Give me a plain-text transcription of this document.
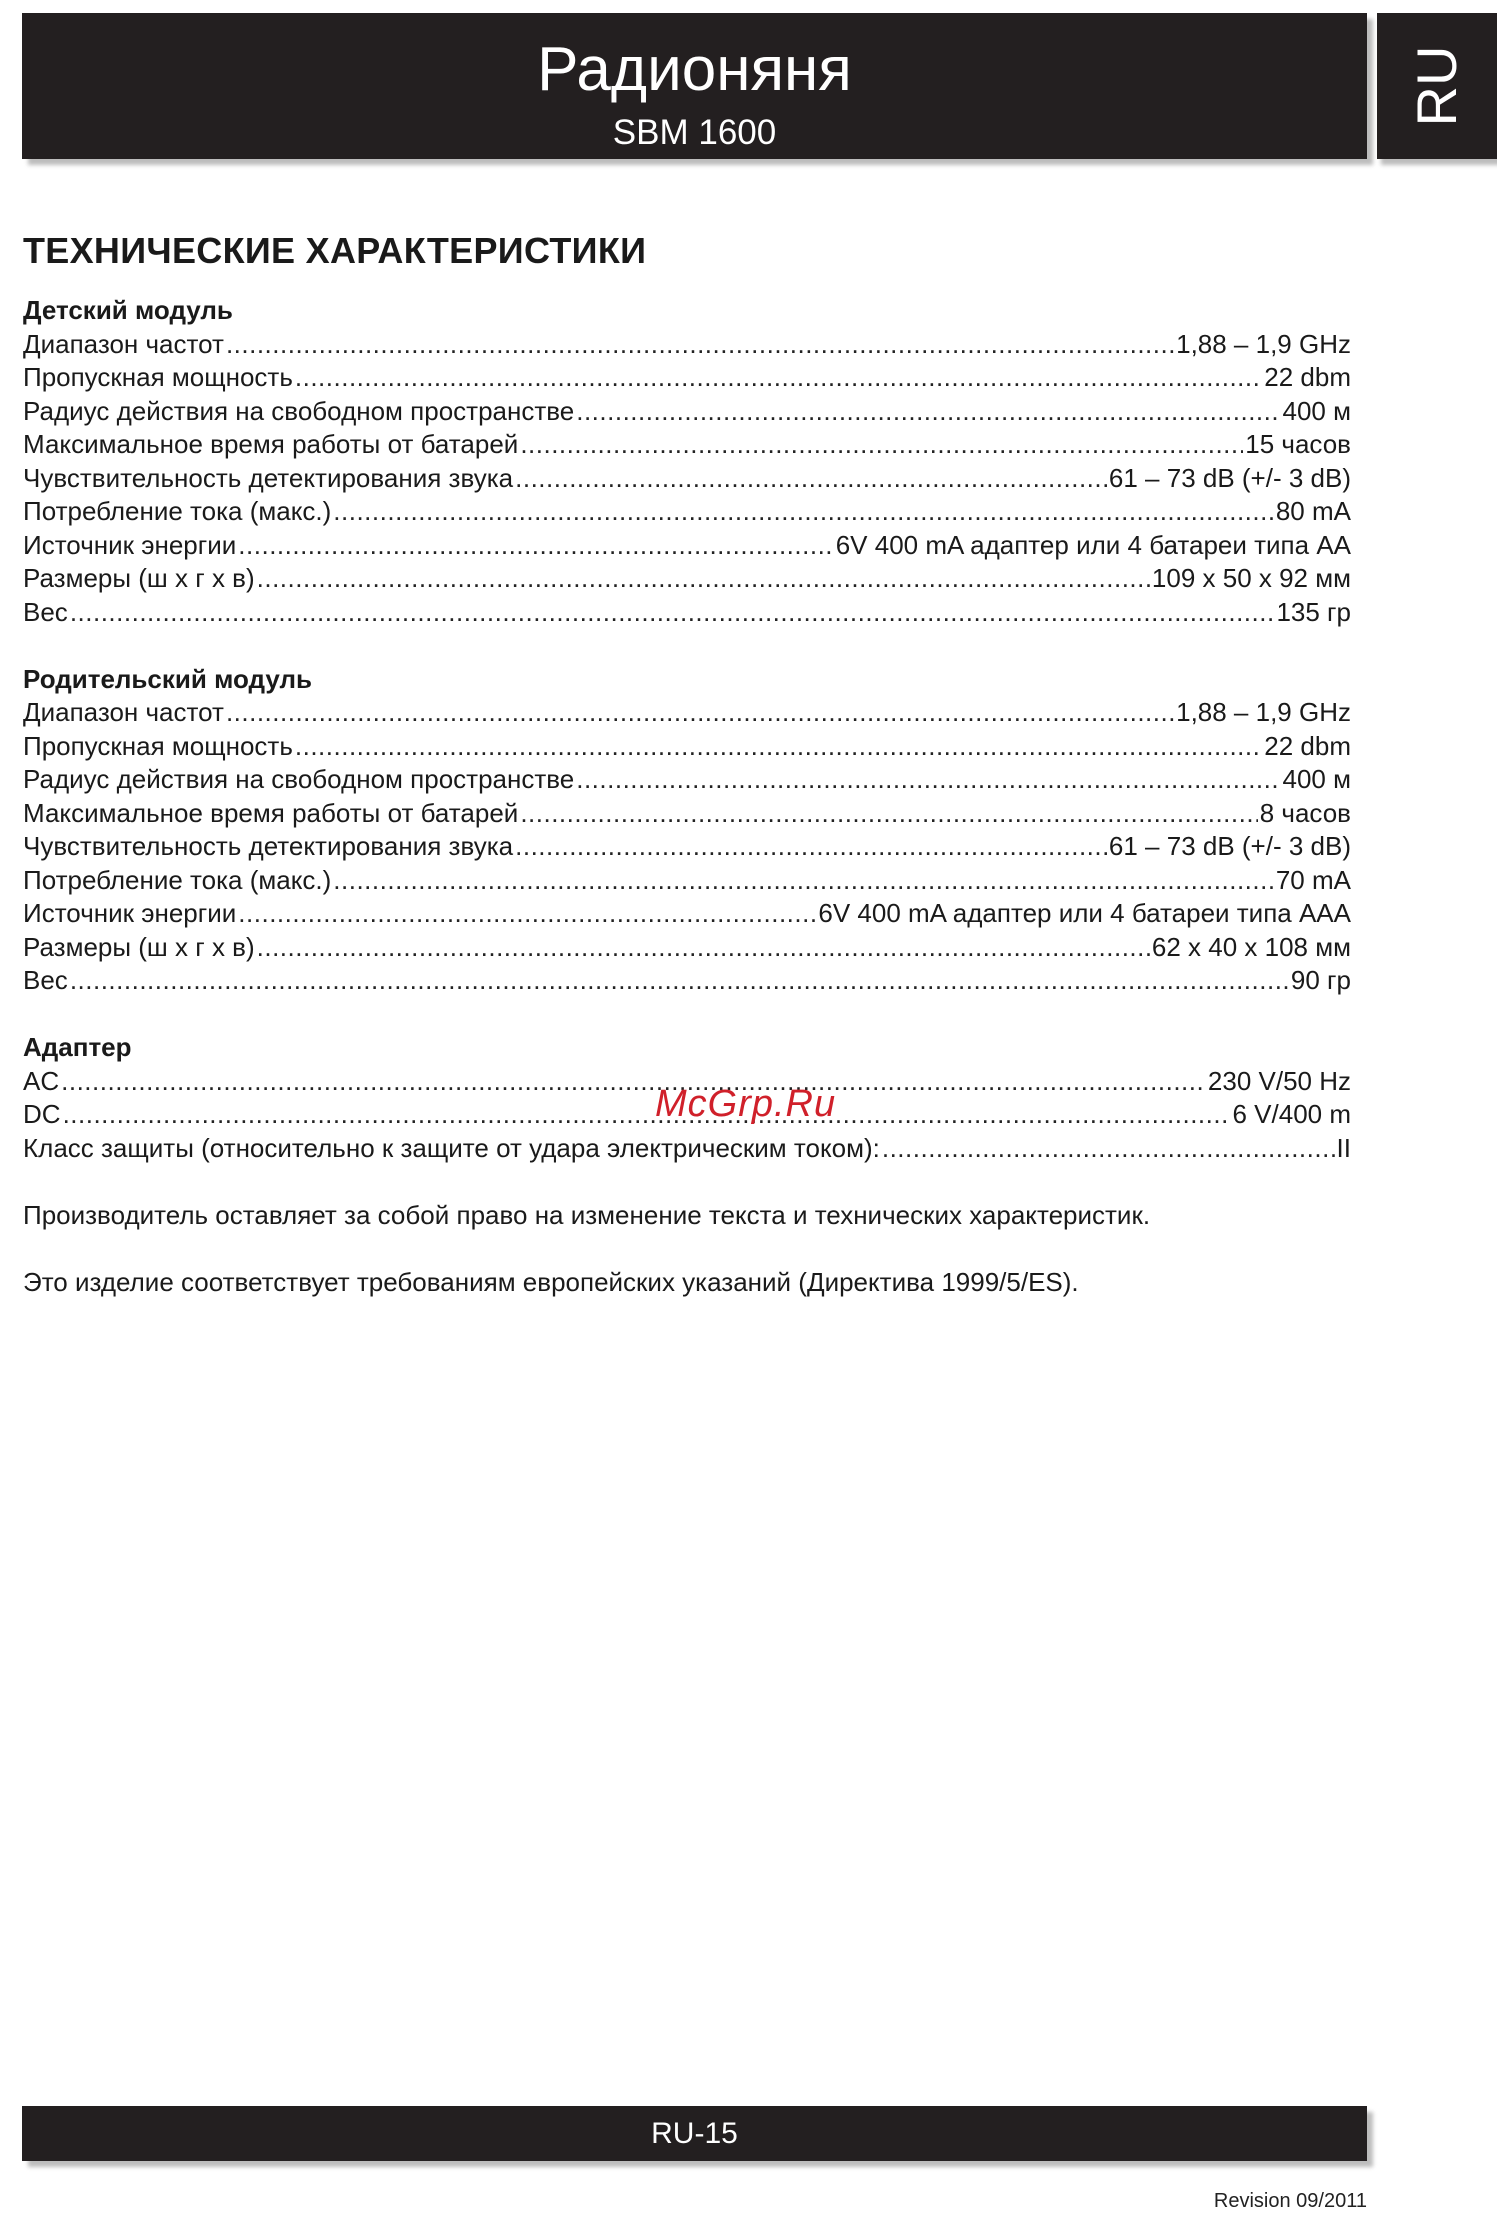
Радионяня
SBM 1600
RU
ТЕХНИЧЕСКИЕ ХАРАКТЕРИСТИКИ
Детский модуль
Диапазон частот .....	1,88 – 1,9 GHz
Пропускная мощность .....	22 dbm
Радиус действия на свободном пространстве .....	400 м
Максимальное время работы от батарей .....	15 часов
Чувствительность детектирования звука .....	61 – 73 dB (+/- 3 dB)
Потребление тока (макс.) .....	80 mA
Источник энергии .....	6V 400 mA адаптер или 4 батареи типа AA
Размеры (ш х г х в) .....	109 x 50 x 92 мм
Вес .....	135 гр
Родительский модуль
Диапазон частот .....	1,88 – 1,9 GHz
Пропускная мощность .....	22 dbm
Радиус действия на свободном пространстве .....	400 м
Максимальное время работы от батарей .....	8 часов
Чувствительность детектирования звука .....	61 – 73 dB (+/- 3 dB)
Потребление тока (макс.) .....	70 mA
Источник энергии .....	6V 400 mA адаптер или 4 батареи типа AAA
Размеры (ш х г х в) .....	62 x 40 x 108 мм
Вес .....	90 гр
Адаптер
AC .....	230 V/50 Hz
DC .....	6 V/400 m
Класс защиты (относительно к защите от удара электрическим током): .....	II
Производитель оставляет за собой право на изменение текста и технических характеристик.
Это изделие соответствует требованиям европейских указаний (Директива 1999/5/ES).
McGrp.Ru
RU-15
Revision 09/2011
